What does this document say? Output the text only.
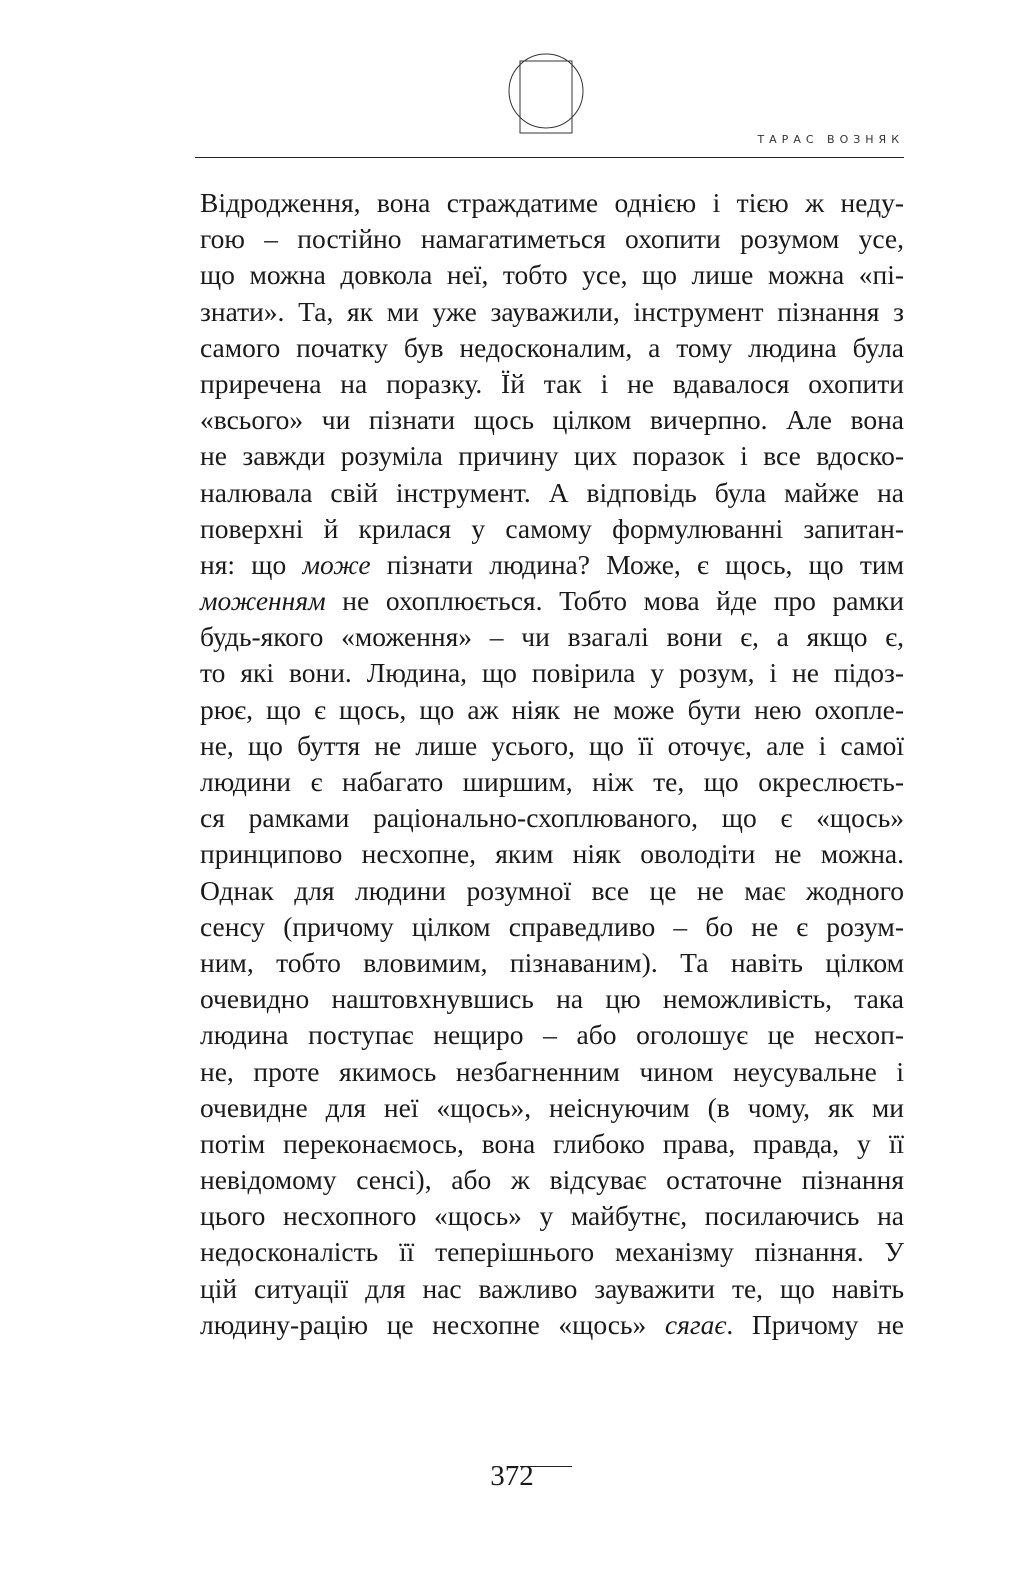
ТАРАС ВОЗНЯК
Відродження, вона страждатиме однією і тією ж неду-
гою – постійно намагатиметься охопити розумом усе,
що можна довкола неї, тобто усе, що лише можна «пі-
знати». Та, як ми уже зауважили, інструмент пізнання з
самого початку був недосконалим, а тому людина була
приречена на поразку. Їй так і не вдавалося охопити
«всього» чи пізнати щось цілком вичерпно. Але вона
не завжди розуміла причину цих поразок і все вдоско-
налювала свій інструмент. А відповідь була майже на
поверхні й крилася у самому формулюванні запитан-
ня: що може пізнати людина? Може, є щось, що тим
моженням не охоплюється. Тобто мова йде про рамки
будь-якого «моження» – чи взагалі вони є, а якщо є,
то які вони. Людина, що повірила у розум, і не підоз-
рює, що є щось, що аж ніяк не може бути нею охопле-
не, що буття не лише усього, що її оточує, але і самої
людини є набагато ширшим, ніж те, що окреслюєть-
ся рамками раціонально-схоплюваного, що є «щось»
принципово несхопне, яким ніяк оволодіти не можна.
Однак для людини розумної все це не має жодного
сенсу (причому цілком справедливо – бо не є розум-
ним, тобто вловимим, пізнаваним). Та навіть цілком
очевидно наштовхнувшись на цю неможливість, така
людина поступає нещиро – або оголошує це несхоп-
не, проте якимось незбагненним чином неусувальне і
очевидне для неї «щось», неіснуючим (в чому, як ми
потім переконаємось, вона глибоко права, правда, у її
невідомому сенсі), або ж відсуває остаточне пізнання
цього несхопного «щось» у майбутнє, посилаючись на
недосконалість її теперішнього механізму пізнання. У
цій ситуації для нас важливо зауважити те, що навіть
людину-рацію це несхопне «щось» сягає. Причому не
372
